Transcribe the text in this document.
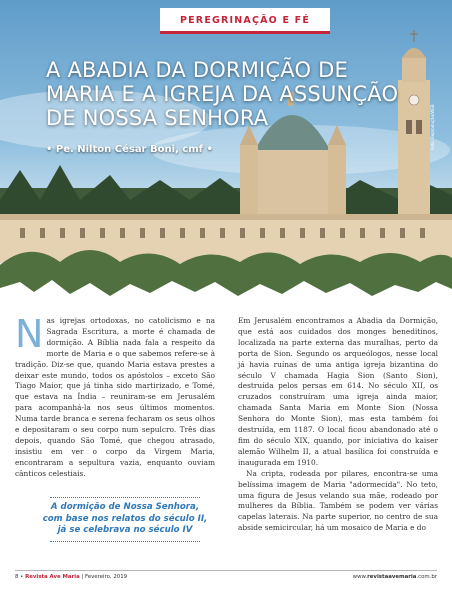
PEREGRINAÇÃO E FÉ
A ABADIA DA DORMIÇÃO DE MARIA E A IGREJA DA ASSUNÇÃO DE NOSSA SENHORA
• Pe. Nilton César Boni, cmf •	Foto: Reprodução/WEB

Nas igrejas ortodoxas, no catolicismo e na Sagrada Escritura, a morte é chamada de dormição. A Bíblia nada fala a respeito da morte de Maria e o que sabemos refere-se à tradição. Diz-se que, quando Maria estava prestes a deixar este mundo, todos os apóstolos – exceto São Tiago Maior, que já tinha sido martirizado, e Tomé, que estava na Índia – reuniram-se em Jerusalém para acompanhá-la nos seus últimos momentos. Numa tarde branca e serena fecharam os seus olhos e depositaram o seu corpo num sepulcro. Três dias depois, quando São Tomé, que chegou atrasado, insistiu em ver o corpo da Virgem Maria, encontraram a sepultura vazia, enquanto ouviam cânticos celestiais.

A dormição de Nossa Senhora, com base nos relatos do século II, já se celebrava no século IV

Em Jerusalém encontramos a Abadia da Dormição, que está aos cuidados dos monges beneditinos, localizada na parte externa das muralhas, perto da porta de Sion. Segundo os arqueólogos, nesse local já havia ruínas de uma antiga igreja bizantina do século V chamada Hagia Sion (Santo Sion), destruída pelos persas em 614. No século XII, os cruzados construíram uma igreja ainda maior, chamada Santa Maria em Monte Sion (Nossa Senhora do Monte Sion), mas esta também foi destruída, em 1187. O local ficou abandonado até o fim do século XIX, quando, por iniciativa do kaiser alemão Wilhelm II, a atual basílica foi construída e inaugurada em 1910.

Na cripta, rodeada por pilares, encontra-se uma belíssima imagem de Maria "adormecida". No teto, uma figura de Jesus velando sua mãe, rodeado por mulheres da Bíblia. Também se podem ver várias capelas laterais. Na parte superior, no centro de sua abside semicircular, há um mosaico de Maria e do

8 • Revista Ave Maria | Fevereiro, 2019	www.revistaavemaria.com.br
